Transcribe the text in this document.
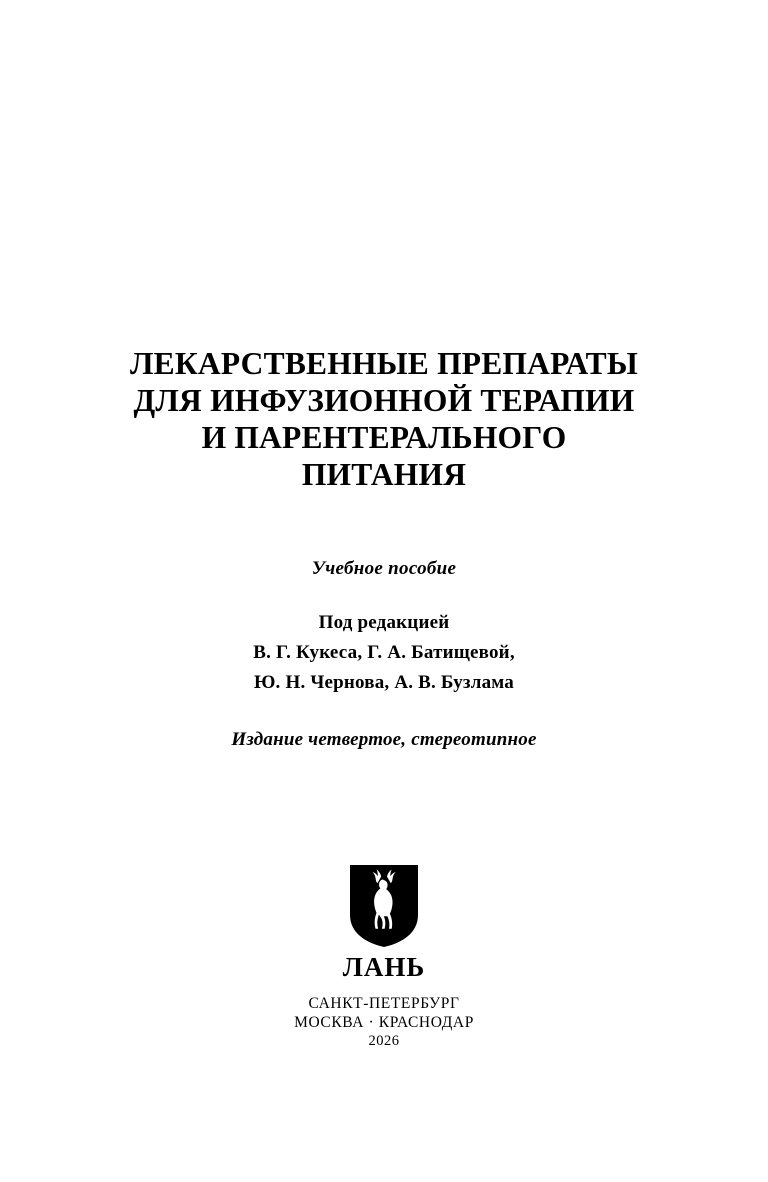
ЛЕКАРСТВЕННЫЕ ПРЕПАРАТЫ
ДЛЯ ИНФУЗИОННОЙ ТЕРАПИИ
И ПАРЕНТЕРАЛЬНОГО
ПИТАНИЯ
Учебное пособие
Под редакцией
В. Г. Кукеса, Г. А. Батищевой,
Ю. Н. Чернова, А. В. Бузлама
Издание четвертое, стереотипное
ЛАНЬ
САНКТ-ПЕТЕРБУРГ
МОСКВА · КРАСНОДАР
2026
